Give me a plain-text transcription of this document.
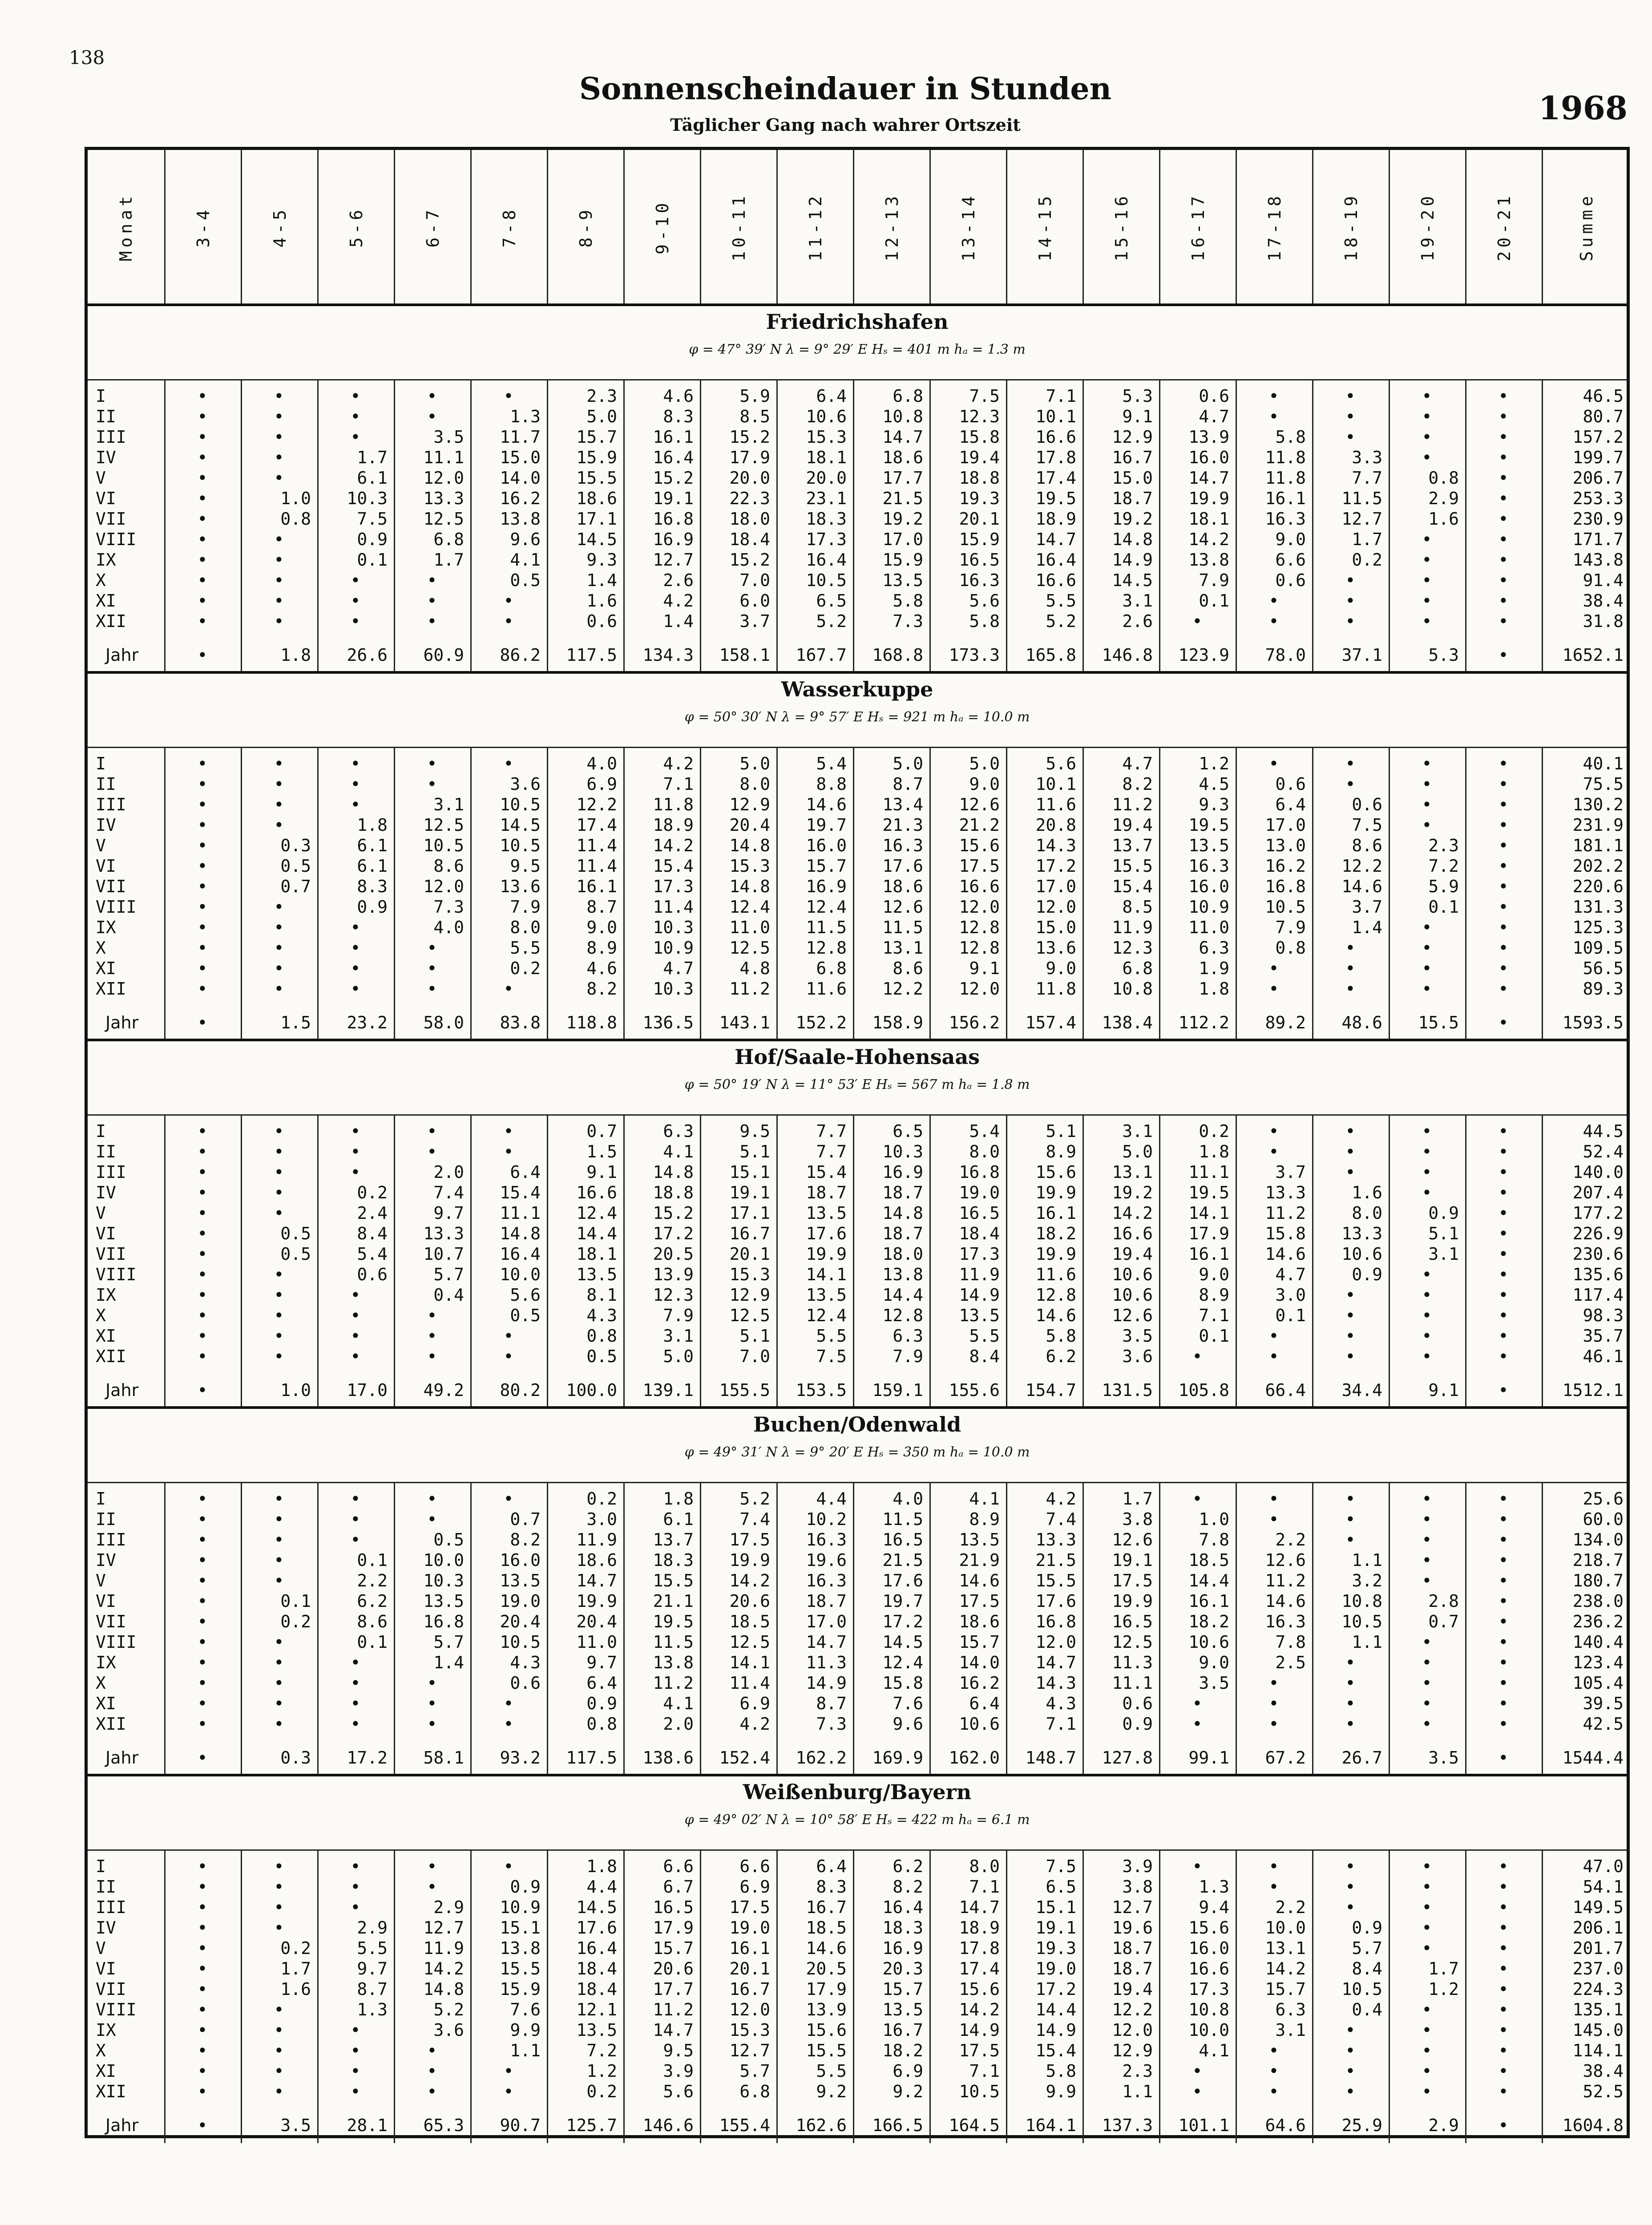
138
Sonnenscheindauer in Stunden
Täglicher Gang nach wahrer Ortszeit	1968
Monat	3-4	4-5	5-6	6-7	7-8	8-9	9-10	10-11	11-12	12-13	13-14	14-15	15-16	16-17	17-18	18-19	19-20	20-21	Summe
Friedrichshafen
φ = 47° 39′ N λ = 9° 29′ E Hₛ = 401 m hₐ = 1.3 m
I	•	•	•	•	•	2.3	4.6	5.9	6.4	6.8	7.5	7.1	5.3	0.6	•	•	•	•	46.5
II	•	•	•	•	1.3	5.0	8.3	8.5	10.6	10.8	12.3	10.1	9.1	4.7	•	•	•	•	80.7
III	•	•	•	3.5	11.7	15.7	16.1	15.2	15.3	14.7	15.8	16.6	12.9	13.9	5.8	•	•	•	157.2
IV	•	•	1.7	11.1	15.0	15.9	16.4	17.9	18.1	18.6	19.4	17.8	16.7	16.0	11.8	3.3	•	•	199.7
V	•	•	6.1	12.0	14.0	15.5	15.2	20.0	20.0	17.7	18.8	17.4	15.0	14.7	11.8	7.7	0.8	•	206.7
VI	•	1.0	10.3	13.3	16.2	18.6	19.1	22.3	23.1	21.5	19.3	19.5	18.7	19.9	16.1	11.5	2.9	•	253.3
VII	•	0.8	7.5	12.5	13.8	17.1	16.8	18.0	18.3	19.2	20.1	18.9	19.2	18.1	16.3	12.7	1.6	•	230.9
VIII	•	•	0.9	6.8	9.6	14.5	16.9	18.4	17.3	17.0	15.9	14.7	14.8	14.2	9.0	1.7	•	•	171.7
IX	•	•	0.1	1.7	4.1	9.3	12.7	15.2	16.4	15.9	16.5	16.4	14.9	13.8	6.6	0.2	•	•	143.8
X	•	•	•	•	0.5	1.4	2.6	7.0	10.5	13.5	16.3	16.6	14.5	7.9	0.6	•	•	•	91.4
XI	•	•	•	•	•	1.6	4.2	6.0	6.5	5.8	5.6	5.5	3.1	0.1	•	•	•	•	38.4
XII	•	•	•	•	•	0.6	1.4	3.7	5.2	7.3	5.8	5.2	2.6	•	•	•	•	•	31.8
Jahr	•	1.8	26.6	60.9	86.2	117.5	134.3	158.1	167.7	168.8	173.3	165.8	146.8	123.9	78.0	37.1	5.3	•	1652.1
Wasserkuppe
φ = 50° 30′ N λ = 9° 57′ E Hₛ = 921 m hₐ = 10.0 m
I	•	•	•	•	•	4.0	4.2	5.0	5.4	5.0	5.0	5.6	4.7	1.2	•	•	•	•	40.1
II	•	•	•	•	3.6	6.9	7.1	8.0	8.8	8.7	9.0	10.1	8.2	4.5	0.6	•	•	•	75.5
III	•	•	•	3.1	10.5	12.2	11.8	12.9	14.6	13.4	12.6	11.6	11.2	9.3	6.4	0.6	•	•	130.2
IV	•	•	1.8	12.5	14.5	17.4	18.9	20.4	19.7	21.3	21.2	20.8	19.4	19.5	17.0	7.5	•	•	231.9
V	•	0.3	6.1	10.5	10.5	11.4	14.2	14.8	16.0	16.3	15.6	14.3	13.7	13.5	13.0	8.6	2.3	•	181.1
VI	•	0.5	6.1	8.6	9.5	11.4	15.4	15.3	15.7	17.6	17.5	17.2	15.5	16.3	16.2	12.2	7.2	•	202.2
VII	•	0.7	8.3	12.0	13.6	16.1	17.3	14.8	16.9	18.6	16.6	17.0	15.4	16.0	16.8	14.6	5.9	•	220.6
VIII	•	•	0.9	7.3	7.9	8.7	11.4	12.4	12.4	12.6	12.0	12.0	8.5	10.9	10.5	3.7	0.1	•	131.3
IX	•	•	•	4.0	8.0	9.0	10.3	11.0	11.5	11.5	12.8	15.0	11.9	11.0	7.9	1.4	•	•	125.3
X	•	•	•	•	5.5	8.9	10.9	12.5	12.8	13.1	12.8	13.6	12.3	6.3	0.8	•	•	•	109.5
XI	•	•	•	•	0.2	4.6	4.7	4.8	6.8	8.6	9.1	9.0	6.8	1.9	•	•	•	•	56.5
XII	•	•	•	•	•	8.2	10.3	11.2	11.6	12.2	12.0	11.8	10.8	1.8	•	•	•	•	89.3
Jahr	•	1.5	23.2	58.0	83.8	118.8	136.5	143.1	152.2	158.9	156.2	157.4	138.4	112.2	89.2	48.6	15.5	•	1593.5
Hof/Saale-Hohensaas
φ = 50° 19′ N λ = 11° 53′ E Hₛ = 567 m hₐ = 1.8 m
I	•	•	•	•	•	0.7	6.3	9.5	7.7	6.5	5.4	5.1	3.1	0.2	•	•	•	•	44.5
II	•	•	•	•	•	1.5	4.1	5.1	7.7	10.3	8.0	8.9	5.0	1.8	•	•	•	•	52.4
III	•	•	•	2.0	6.4	9.1	14.8	15.1	15.4	16.9	16.8	15.6	13.1	11.1	3.7	•	•	•	140.0
IV	•	•	0.2	7.4	15.4	16.6	18.8	19.1	18.7	18.7	19.0	19.9	19.2	19.5	13.3	1.6	•	•	207.4
V	•	•	2.4	9.7	11.1	12.4	15.2	17.1	13.5	14.8	16.5	16.1	14.2	14.1	11.2	8.0	0.9	•	177.2
VI	•	0.5	8.4	13.3	14.8	14.4	17.2	16.7	17.6	18.7	18.4	18.2	16.6	17.9	15.8	13.3	5.1	•	226.9
VII	•	0.5	5.4	10.7	16.4	18.1	20.5	20.1	19.9	18.0	17.3	19.9	19.4	16.1	14.6	10.6	3.1	•	230.6
VIII	•	•	0.6	5.7	10.0	13.5	13.9	15.3	14.1	13.8	11.9	11.6	10.6	9.0	4.7	0.9	•	•	135.6
IX	•	•	•	0.4	5.6	8.1	12.3	12.9	13.5	14.4	14.9	12.8	10.6	8.9	3.0	•	•	•	117.4
X	•	•	•	•	0.5	4.3	7.9	12.5	12.4	12.8	13.5	14.6	12.6	7.1	0.1	•	•	•	98.3
XI	•	•	•	•	•	0.8	3.1	5.1	5.5	6.3	5.5	5.8	3.5	0.1	•	•	•	•	35.7
XII	•	•	•	•	•	0.5	5.0	7.0	7.5	7.9	8.4	6.2	3.6	•	•	•	•	•	46.1
Jahr	•	1.0	17.0	49.2	80.2	100.0	139.1	155.5	153.5	159.1	155.6	154.7	131.5	105.8	66.4	34.4	9.1	•	1512.1
Buchen/Odenwald
φ = 49° 31′ N λ = 9° 20′ E Hₛ = 350 m hₐ = 10.0 m
I	•	•	•	•	•	0.2	1.8	5.2	4.4	4.0	4.1	4.2	1.7	•	•	•	•	•	25.6
II	•	•	•	•	0.7	3.0	6.1	7.4	10.2	11.5	8.9	7.4	3.8	1.0	•	•	•	•	60.0
III	•	•	•	0.5	8.2	11.9	13.7	17.5	16.3	16.5	13.5	13.3	12.6	7.8	2.2	•	•	•	134.0
IV	•	•	0.1	10.0	16.0	18.6	18.3	19.9	19.6	21.5	21.9	21.5	19.1	18.5	12.6	1.1	•	•	218.7
V	•	•	2.2	10.3	13.5	14.7	15.5	14.2	16.3	17.6	14.6	15.5	17.5	14.4	11.2	3.2	•	•	180.7
VI	•	0.1	6.2	13.5	19.0	19.9	21.1	20.6	18.7	19.7	17.5	17.6	19.9	16.1	14.6	10.8	2.8	•	238.0
VII	•	0.2	8.6	16.8	20.4	20.4	19.5	18.5	17.0	17.2	18.6	16.8	16.5	18.2	16.3	10.5	0.7	•	236.2
VIII	•	•	0.1	5.7	10.5	11.0	11.5	12.5	14.7	14.5	15.7	12.0	12.5	10.6	7.8	1.1	•	•	140.4
IX	•	•	•	1.4	4.3	9.7	13.8	14.1	11.3	12.4	14.0	14.7	11.3	9.0	2.5	•	•	•	123.4
X	•	•	•	•	0.6	6.4	11.2	11.4	14.9	15.8	16.2	14.3	11.1	3.5	•	•	•	•	105.4
XI	•	•	•	•	•	0.9	4.1	6.9	8.7	7.6	6.4	4.3	0.6	•	•	•	•	•	39.5
XII	•	•	•	•	•	0.8	2.0	4.2	7.3	9.6	10.6	7.1	0.9	•	•	•	•	•	42.5
Jahr	•	0.3	17.2	58.1	93.2	117.5	138.6	152.4	162.2	169.9	162.0	148.7	127.8	99.1	67.2	26.7	3.5	•	1544.4
Weißenburg/Bayern
φ = 49° 02′ N λ = 10° 58′ E Hₛ = 422 m hₐ = 6.1 m
I	•	•	•	•	•	1.8	6.6	6.6	6.4	6.2	8.0	7.5	3.9	•	•	•	•	•	47.0
II	•	•	•	•	0.9	4.4	6.7	6.9	8.3	8.2	7.1	6.5	3.8	1.3	•	•	•	•	54.1
III	•	•	•	2.9	10.9	14.5	16.5	17.5	16.7	16.4	14.7	15.1	12.7	9.4	2.2	•	•	•	149.5
IV	•	•	2.9	12.7	15.1	17.6	17.9	19.0	18.5	18.3	18.9	19.1	19.6	15.6	10.0	0.9	•	•	206.1
V	•	0.2	5.5	11.9	13.8	16.4	15.7	16.1	14.6	16.9	17.8	19.3	18.7	16.0	13.1	5.7	•	•	201.7
VI	•	1.7	9.7	14.2	15.5	18.4	20.6	20.1	20.5	20.3	17.4	19.0	18.7	16.6	14.2	8.4	1.7	•	237.0
VII	•	1.6	8.7	14.8	15.9	18.4	17.7	16.7	17.9	15.7	15.6	17.2	19.4	17.3	15.7	10.5	1.2	•	224.3
VIII	•	•	1.3	5.2	7.6	12.1	11.2	12.0	13.9	13.5	14.2	14.4	12.2	10.8	6.3	0.4	•	•	135.1
IX	•	•	•	3.6	9.9	13.5	14.7	15.3	15.6	16.7	14.9	14.9	12.0	10.0	3.1	•	•	•	145.0
X	•	•	•	•	1.1	7.2	9.5	12.7	15.5	18.2	17.5	15.4	12.9	4.1	•	•	•	•	114.1
XI	•	•	•	•	•	1.2	3.9	5.7	5.5	6.9	7.1	5.8	2.3	•	•	•	•	•	38.4
XII	•	•	•	•	•	0.2	5.6	6.8	9.2	9.2	10.5	9.9	1.1	•	•	•	•	•	52.5
Jahr	•	3.5	28.1	65.3	90.7	125.7	146.6	155.4	162.6	166.5	164.5	164.1	137.3	101.1	64.6	25.9	2.9	•	1604.8
